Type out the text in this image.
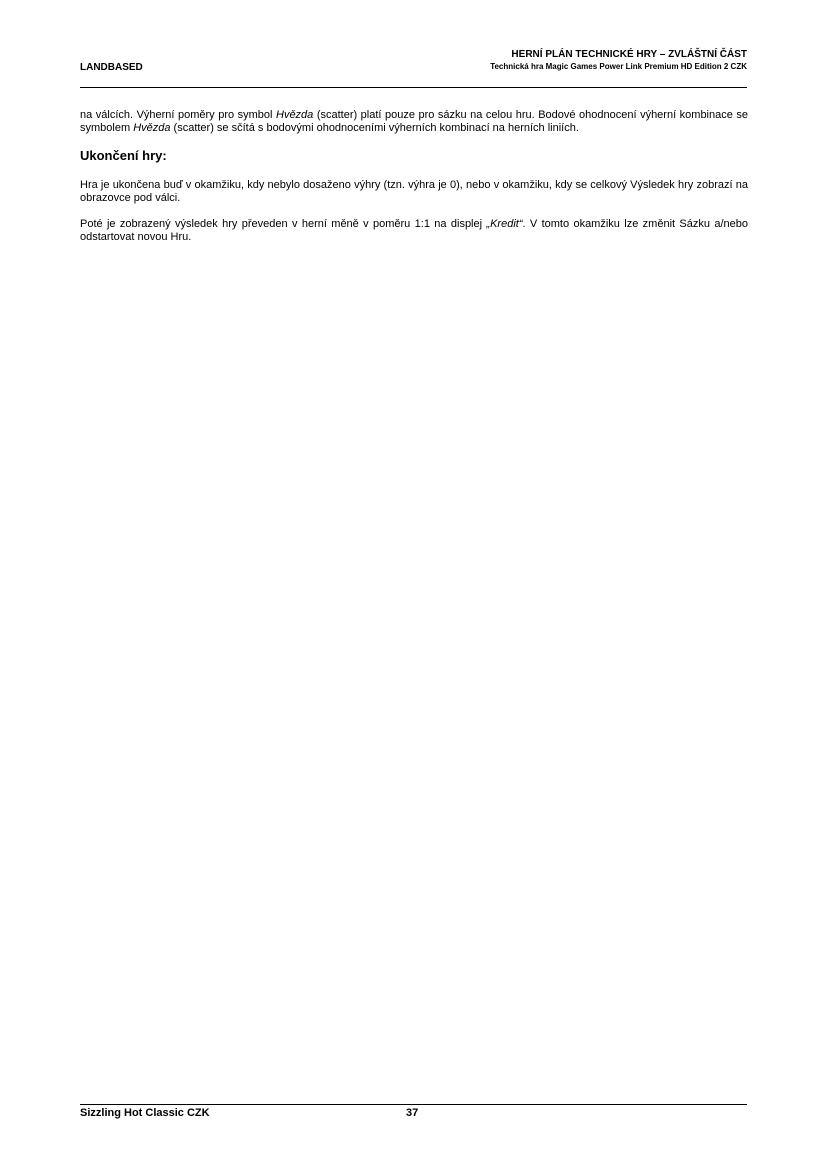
LANDBASED
HERNÍ PLÁN TECHNICKÉ HRY – ZVLÁŠTNÍ ČÁST
Technická hra Magic Games Power Link Premium HD Edition 2 CZK

na válcích. Výherní poměry pro symbol Hvězda (scatter) platí pouze pro sázku na celou hru. Bodové ohodnocení výherní kombinace se symbolem Hvězda (scatter) se sčítá s bodovými ohodnoceními výherních kombinací na herních liniích.

Ukončení hry:

Hra je ukončena buď v okamžiku, kdy nebylo dosaženo výhry (tzn. výhra je 0), nebo v okamžiku, kdy se celkový Výsledek hry zobrazí na obrazovce pod válci.

Poté je zobrazený výsledek hry převeden v herní měně v poměru 1:1 na displej „Kredit“. V tomto okamžiku lze změnit Sázku a/nebo odstartovat novou Hru.

Sizzling Hot Classic CZK	37
